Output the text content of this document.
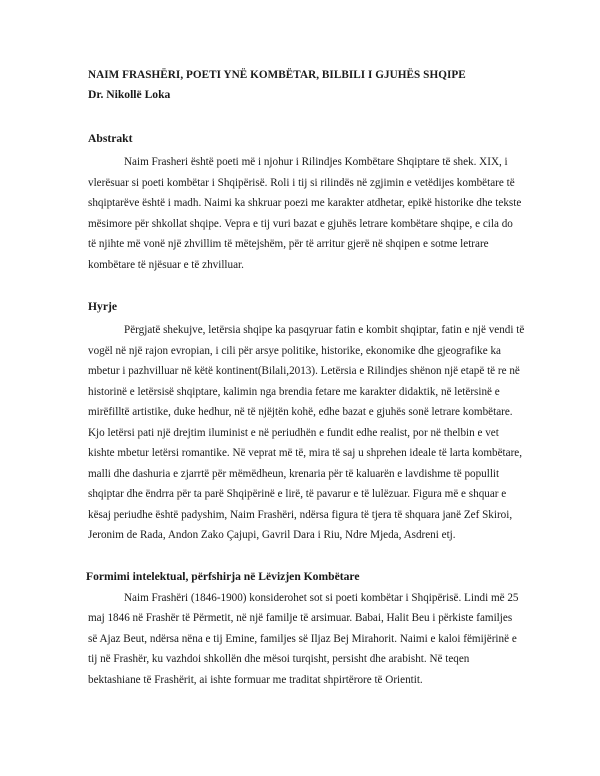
NAIM FRASHËRI, POETI YNË KOMBËTAR, BILBILI I GJUHËS SHQIPE

Dr. Nikollë Loka

Abstrakt

Naim Frasheri është poeti më i njohur i Rilindjes Kombëtare Shqiptare të shek. XIX, i
vlerësuar si poeti kombëtar i Shqipërisë. Roli i tij si rilindës në zgjimin e vetëdijes kombëtare të
shqiptarëve është i madh. Naimi ka shkruar poezi me karakter atdhetar, epikë historike dhe tekste
mësimore për shkollat shqipe. Vepra e tij vuri bazat e gjuhës letrare kombëtare shqipe, e cila do
të njihte më vonë një zhvillim të mëtejshëm, për të arritur gjerë në shqipen e sotme letrare
kombëtare të njësuar e të zhvilluar.

Hyrje

Përgjatë shekujve, letërsia shqipe ka pasqyruar fatin e kombit shqiptar, fatin e një vendi të
vogël në një rajon evropian, i cili për arsye politike, historike, ekonomike dhe gjeografike ka
mbetur i pazhvilluar në këtë kontinent(Bilali,2013). Letërsia e Rilindjes shënon një etapë të re në
historinë e letërsisë shqiptare, kalimin nga brendia fetare me karakter didaktik, në letërsinë e
mirëfilltë artistike, duke hedhur, në të njëjtën kohë, edhe bazat e gjuhës sonë letrare kombëtare.
Kjo letërsi pati një drejtim iluminist e në periudhën e fundit edhe realist, por në thelbin e vet
kishte mbetur letërsi romantike. Në veprat më të, mira të saj u shprehen ideale të larta kombëtare,
malli dhe dashuria e zjarrtë për mëmëdheun, krenaria për të kaluarën e lavdishme të popullit
shqiptar dhe ëndrra për ta parë Shqipërinë e lirë, të pavarur e të lulëzuar. Figura më e shquar e
kësaj periudhe është padyshim, Naim Frashëri, ndërsa figura të tjera të shquara janë Zef Skiroi,
Jeronim de Rada, Andon Zako Çajupi, Gavril Dara i Riu, Ndre Mjeda, Asdreni etj.

Formimi intelektual, përfshirja në Lëvizjen Kombëtare

Naim Frashëri (1846-1900) konsiderohet sot si poeti kombëtar i Shqipërisë. Lindi më 25
maj 1846 në Frashër të Përmetit, në një familje të arsimuar. Babai, Halit Beu i përkiste familjes
së Ajaz Beut, ndërsa nëna e tij Emine, familjes së Iljaz Bej Mirahorit. Naimi e kaloi fëmijërinë e
tij në Frashër, ku vazhdoi shkollën dhe mësoi turqisht, persisht dhe arabisht. Në teqen
bektashiane të Frashërit, ai ishte formuar me traditat shpirtërore të Orientit.
